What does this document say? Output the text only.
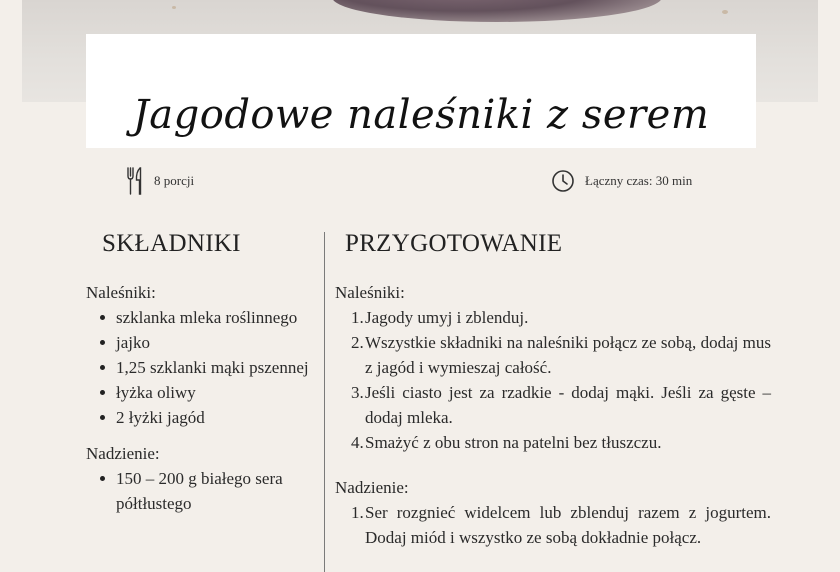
Jagodowe naleśniki z serem
8 porcji	Łączny czas: 30 min
SKŁADNIKI

Naleśniki:

szklanka mleka roślinnego
jajko
1,25 szklanki mąki pszennej
łyżka oliwy
2 łyżki jagód

Nadzienie:

150 – 200 g białego sera półtłustego
PRZYGOTOWANIE

Naleśniki:

1. Jagody umyj i zblenduj.
2. Wszystkie składniki na naleśniki połącz ze sobą, dodaj mus z jagód i wymieszaj całość.
3. Jeśli ciasto jest za rzadkie - dodaj mąki. Jeśli za gęste – dodaj mleka.
4. Smażyć z obu stron na patelni bez tłuszczu.

Nadzienie:

1. Ser rozgnieć widelcem lub zblenduj razem z jogurtem. Dodaj miód i wszystko ze sobą dokładnie połącz.
